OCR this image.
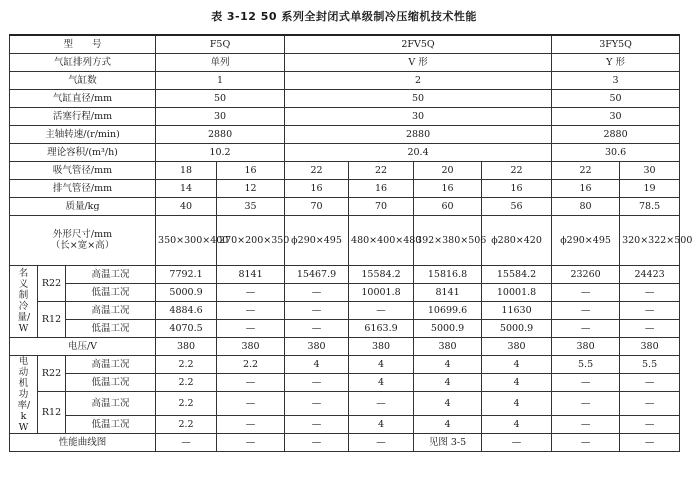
表 3-12 50 系列全封闭式单级制冷压缩机技术性能
型　　号			F5Q		2FV5Q				3FY5Q	
气缸排列方式			单列		V 形				Y 形	
气缸数			1		2				3	
气缸直径/mm			50		50				50	
活塞行程/mm			30		30				30	
主轴转速/(r/min)			2880		2880				2880	
理论容积/(m³/h)			10.2		20.4				30.6	
吸气管径/mm			18	16	22	22	20	22	22	30
排气管径/mm			14	12	16	16	16	16	16	19
质量/kg			40	35	70	70	60	56	80	78.5

外形尺寸/mm
（长×宽×高）			350×300×400	270×200×350	ϕ290×495	480×400×480	392×380×506	ϕ280×420	ϕ290×495	320×322×500
名义制冷量/W	R22	高温工况	7792.1	8141	15467.9	15584.2	15816.8	15584.2	23260	24423
		低温工况	5000.9	—	—	10001.8	8141	10001.8	—	—
	R12	高温工况	4884.6	—	—	—	10699.6	11630	—	—
		低温工况	4070.5	—	—	6163.9	5000.9	5000.9	—	—
电压/V			380	380	380	380	380	380	380	380
电动机功率/kW	R22	高温工况	2.2	2.2	4	4	4	4	5.5	5.5
		低温工况	2.2	—	—	4	4	4	—	—
	R12	高温工况	2.2	—	—	—	4	4	—	—
		低温工况	2.2	—	—	4	4	4	—	—
性能曲线图			—	—	—	—	见图 3-5	—	—	—
